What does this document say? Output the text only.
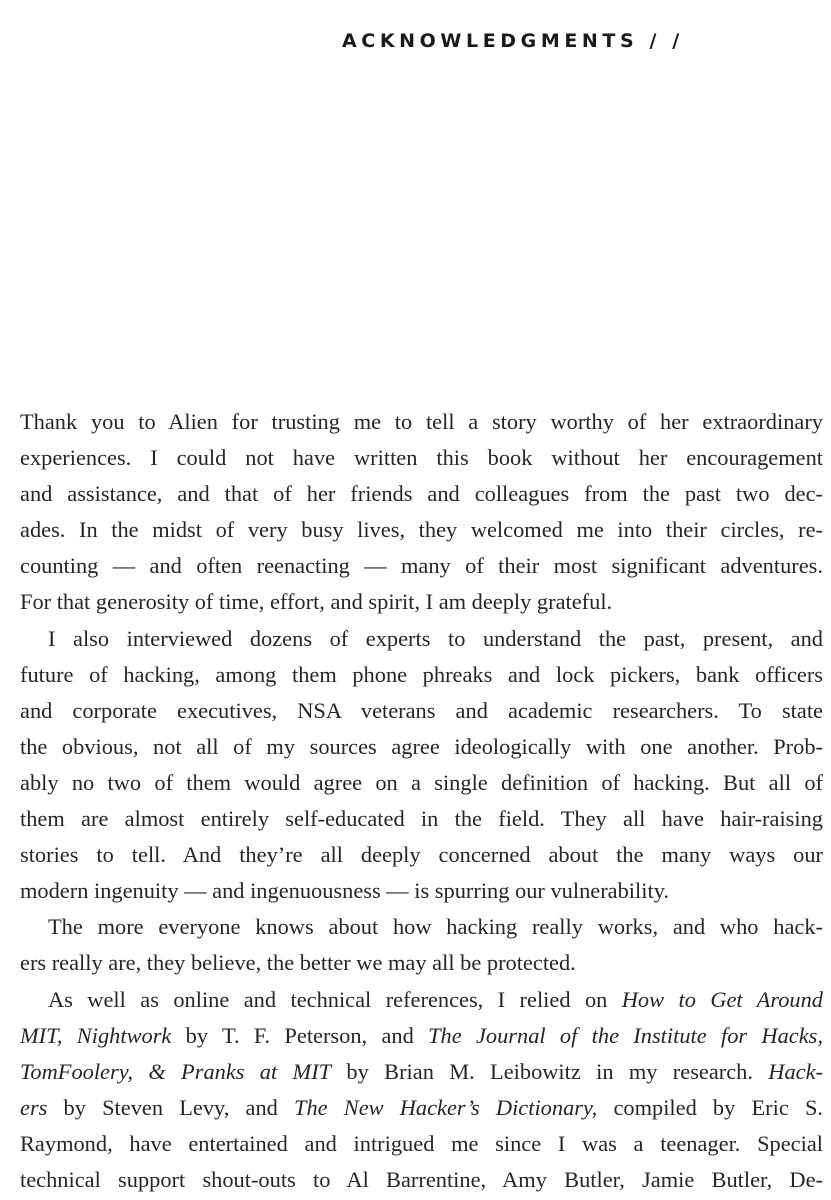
ACKNOWLEDGMENTS / /
Thank you to Alien for trusting me to tell a story worthy of her extraordinary
experiences. I could not have written this book without her encouragement
and assistance, and that of her friends and colleagues from the past two dec-
ades. In the midst of very busy lives, they welcomed me into their circles, re-
counting — and often reenacting — many of their most significant adventures.
For that generosity of time, effort, and spirit, I am deeply grateful.
I also interviewed dozens of experts to understand the past, present, and
future of hacking, among them phone phreaks and lock pickers, bank officers
and corporate executives, NSA veterans and academic researchers. To state
the obvious, not all of my sources agree ideologically with one another. Prob-
ably no two of them would agree on a single definition of hacking. But all of
them are almost entirely self-educated in the field. They all have hair-raising
stories to tell. And they’re all deeply concerned about the many ways our
modern ingenuity — and ingenuousness — is spurring our vulnerability.
The more everyone knows about how hacking really works, and who hack-
ers really are, they believe, the better we may all be protected.
As well as online and technical references, I relied on How to Get Around
MIT, Nightwork by T. F. Peterson, and The Journal of the Institute for Hacks,
TomFoolery, & Pranks at MIT by Brian M. Leibowitz in my research. Hack-
ers by Steven Levy, and The New Hacker’s Dictionary, compiled by Eric S.
Raymond, have entertained and intrigued me since I was a teenager. Special
technical support shout-outs to Al Barrentine, Amy Butler, Jamie Butler, De-
